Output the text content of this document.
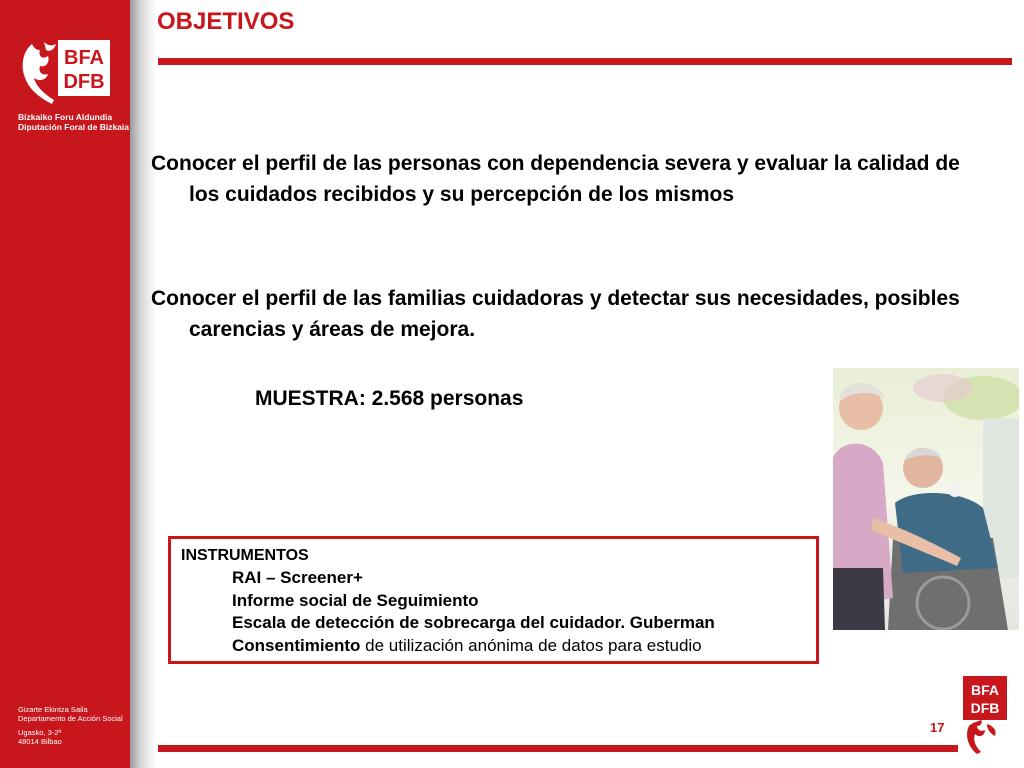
BFA
DFB
Bizkaiko Foru Aldundia
Diputación Foral de Bizkaia
Gizarte Ekintza Saila
Departamento de Acción Social
Ugasko, 3-2ª
48014 Bilbao
OBJETIVOS
Conocer el perfil de las personas con dependencia severa y evaluar la calidad de los cuidados recibidos y su percepción de los mismos
Conocer el perfil de las familias cuidadoras y detectar sus necesidades, posibles carencias y áreas de mejora.
MUESTRA: 2.568 personas
INSTRUMENTOS
RAI – Screener+
Informe social de Seguimiento
Escala de detección de sobrecarga del cuidador. Guberman
Consentimiento de utilización anónima de datos para estudio
17
BFA
DFB
